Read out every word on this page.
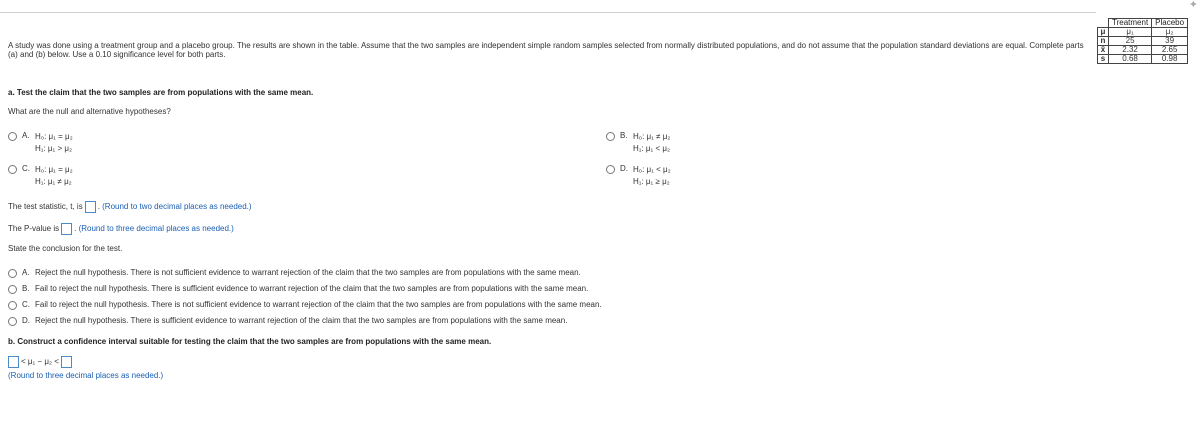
✦
A study was done using a treatment group and a placebo group. The results are shown in the table. Assume that the two samples are independent simple random samples selected from normally distributed populations, and do not assume that the population standard deviations are equal. Complete parts (a) and (b) below. Use a 0.10 significance level for both parts.
	Treatment	Placebo
μ	μ₁	μ₂
n	25	39
x̄	2.32	2.65
s	0.68	0.98
a. Test the claim that the two samples are from populations with the same mean.
What are the null and alternative hypotheses?
A. H₀: μ₁ = μ₂
H₁: μ₁ > μ₂
B. H₀: μ₁ ≠ μ₂
H₁: μ₁ < μ₂
C. H₀: μ₁ = μ₂
H₁: μ₁ ≠ μ₂
D. H₀: μ₁ < μ₂
H₁: μ₁ ≥ μ₂
The test statistic, t, is . (Round to two decimal places as needed.)
The P-value is . (Round to three decimal places as needed.)
State the conclusion for the test.
A. Reject the null hypothesis. There is not sufficient evidence to warrant rejection of the claim that the two samples are from populations with the same mean.
B. Fail to reject the null hypothesis. There is sufficient evidence to warrant rejection of the claim that the two samples are from populations with the same mean.
C. Fail to reject the null hypothesis. There is not sufficient evidence to warrant rejection of the claim that the two samples are from populations with the same mean.
D. Reject the null hypothesis. There is sufficient evidence to warrant rejection of the claim that the two samples are from populations with the same mean.
b. Construct a confidence interval suitable for testing the claim that the two samples are from populations with the same mean.
< μ₁ − μ₂ <
(Round to three decimal places as needed.)
